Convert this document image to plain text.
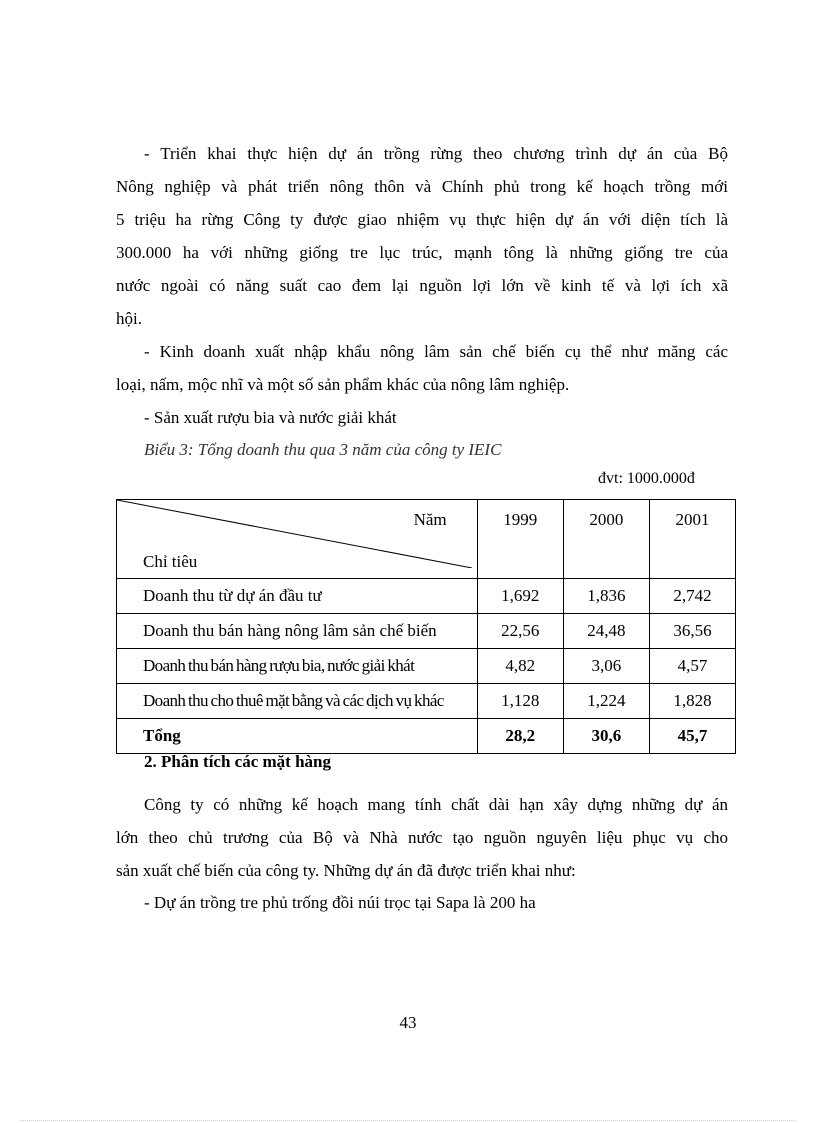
- Triển khai thực hiện dự án trồng rừng theo chương trình dự án của Bộ
Nông nghiệp và phát triển nông thôn và Chính phủ trong kế hoạch trồng mới
5 triệu ha rừng Công ty được giao nhiệm vụ thực hiện dự án với diện tích là
300.000 ha với những giống tre lục trúc, mạnh tông là những giống tre của
nước ngoài có năng suất cao đem lại nguồn lợi lớn về kinh tế và lợi ích xã
hội.
- Kinh doanh xuất nhập khẩu nông lâm sản chế biến cụ thể như măng các
loại, nấm, mộc nhĩ và một số sản phẩm khác của nông lâm nghiệp.
- Sản xuất rượu bia và nước giải khát
Biểu 3: Tổng doanh thu qua 3 năm của công ty IEIC
đvt: 1000.000đ
Năm
Chỉ tiêu	1999	2000	2001
Doanh thu từ dự án đầu tư	1,692	1,836	2,742
Doanh thu bán hàng nông lâm sản chế biến	22,56	24,48	36,56
Doanh thu bán hàng rượu bia, nước giải khát	4,82	3,06	4,57
Doanh thu cho thuê mặt bằng và các dịch vụ khác	1,128	1,224	1,828
Tổng	28,2	30,6	45,7
2. Phân tích các mặt hàng
Công ty có những kế hoạch mang tính chất dài hạn xây dựng những dự án
lớn theo chủ trương của Bộ và Nhà nước tạo nguồn nguyên liệu phục vụ cho
sản xuất chế biến của công ty. Những dự án đã được triển khai như:
- Dự án trồng tre phủ trống đồi núi trọc tại Sapa là 200 ha
43
